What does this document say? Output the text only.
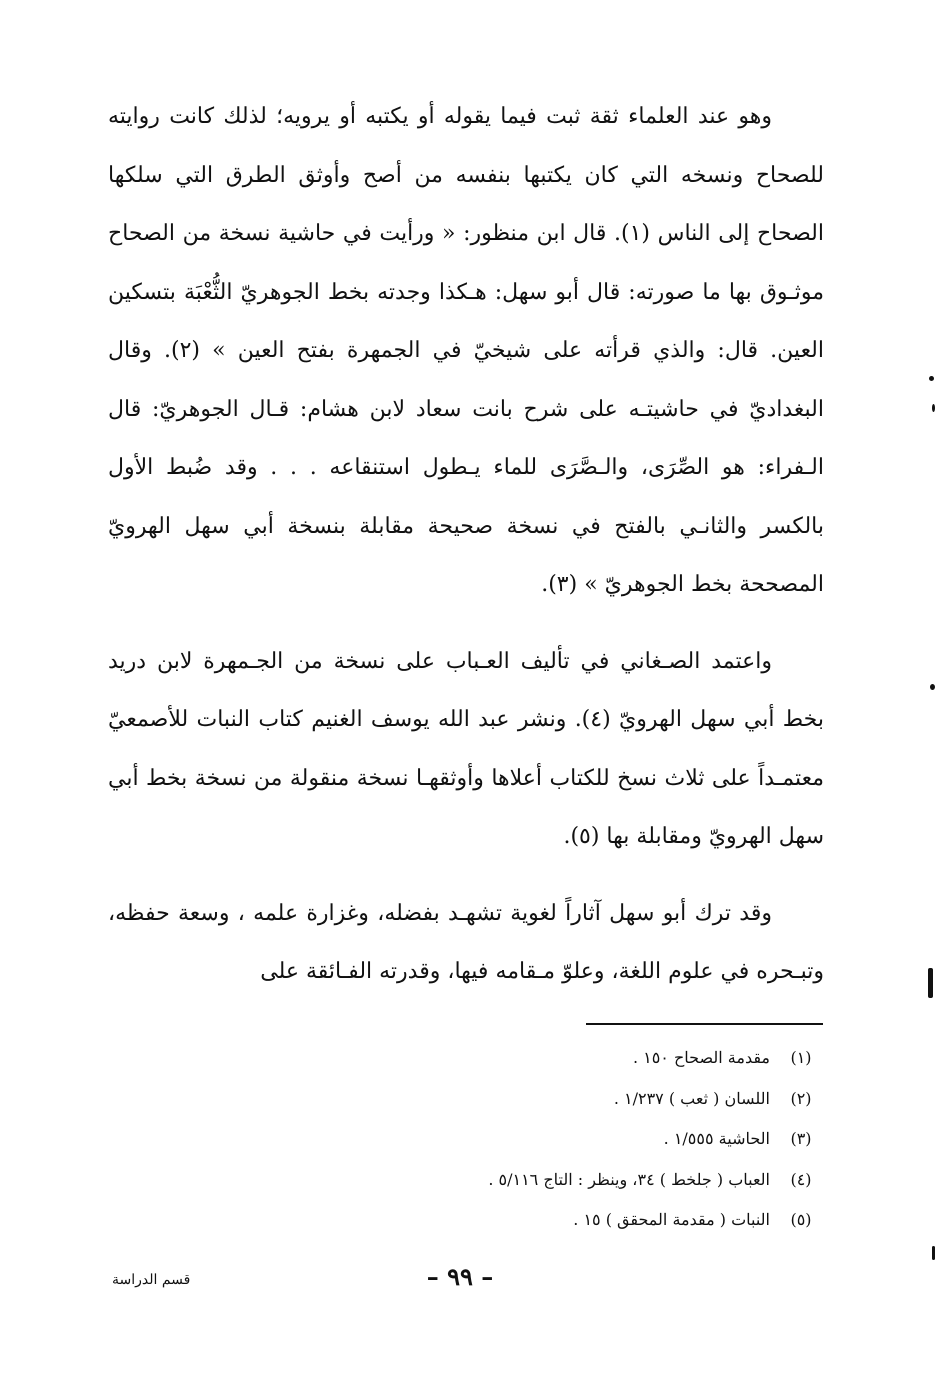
وهو عند العلماء ثقة ثبت فيما يقوله أو يكتبه أو يرويه؛ لذلك كانت روايته للصحاح ونسخه التي كان يكتبها بنفسه من أصح وأوثق الطرق التي سلكها الصحاح إلى الناس (١). قال ابن منظور: « ورأيت في حاشية نسخة من الصحاح موثـوق بها ما صورته: قال أبو سهل: هـكذا وجدته بخط الجوهريّ الثُّعْبَة بتسكين العين. قال: والذي قرأته على شيخيّ في الجمهرة بفتح العين » (٢). وقال البغداديّ في حاشيتـه على شرح بانت سعاد لابن هشام: قـال الجوهريّ: قال الـفراء: هو الصِّرَى، والـصَّرَى للماء يـطول استنقاعه . . . وقد ضُبط الأول بالكسر والثانـي بالفتح في نسخة صحيحة مقابلة بنسخة أبي سهل الهرويّ المصححة بخط الجوهريّ » (٣).

واعتمد الصـغاني في تأليف العـباب على نسخة من الجـمهرة لابن دريد بخط أبي سهل الهرويّ (٤). ونشر عبد الله يوسف الغنيم كتاب النبات للأصمعيّ معتمـداً على ثلاث نسخ للكتاب أعلاها وأوثقهـا نسخة منقولة من نسخة بخط أبي سهل الهرويّ ومقابلة بها (٥).

وقد ترك أبو سهل آثاراً لغوية تشهـد بفضله، وغزارة علمه ، وسعة حفظه، وتبـحره في علوم اللغة، وعلوّ مـقامه فيها، وقدرته الفـائقة على

(١)
مقدمة الصحاح ١٥٠ .
(٢)
اللسان ( ثعب ) ١/٢٣٧ .
(٣)
الحاشية ١/٥٥٥ .
(٤)
العباب ( جلخط ) ٣٤، وينظر : التاج ٥/١١٦ .
(٥)
النبات ( مقدمة المحقق ) ١٥ .
قسم الدراسة	– ٩٩ –
